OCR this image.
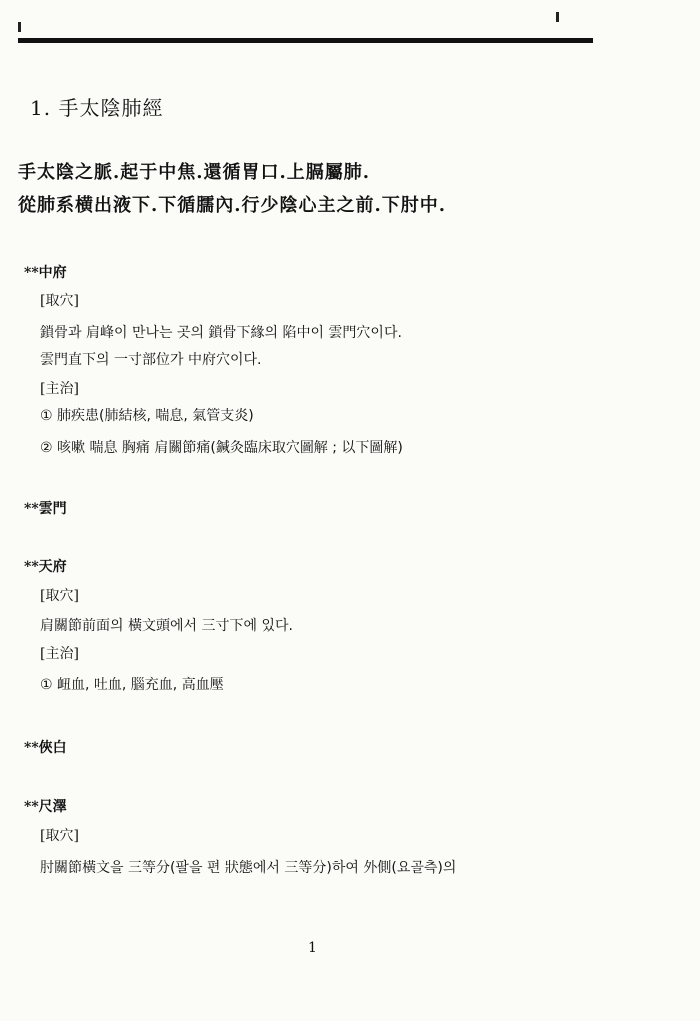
1. 手太陰肺經
手太陰之脈.起于中焦.還循胃口.上膈屬肺.
從肺系横出液下.下循臑內.行少陰心主之前.下肘中.
**中府
[取穴]
鎖骨과 肩峰이 만나는 곳의 鎖骨下緣의 陷中이 雲門穴이다.
雲門直下의 一寸部位가 中府穴이다.
[主治]
① 肺疾患(肺結核, 喘息, 氣管支炎)
② 咳嗽 喘息 胸痛 肩關節痛(鍼灸臨床取穴圖解 ; 以下圖解)
**雲門
**天府
[取穴]
肩關節前面의 橫文頭에서 三寸下에 있다.
[主治]
① 衄血, 吐血, 腦充血, 高血壓
**俠白
**尺澤
[取穴]
肘關節橫文을 三等分(팔을 편 狀態에서 三等分)하여 外側(요골측)의
1
